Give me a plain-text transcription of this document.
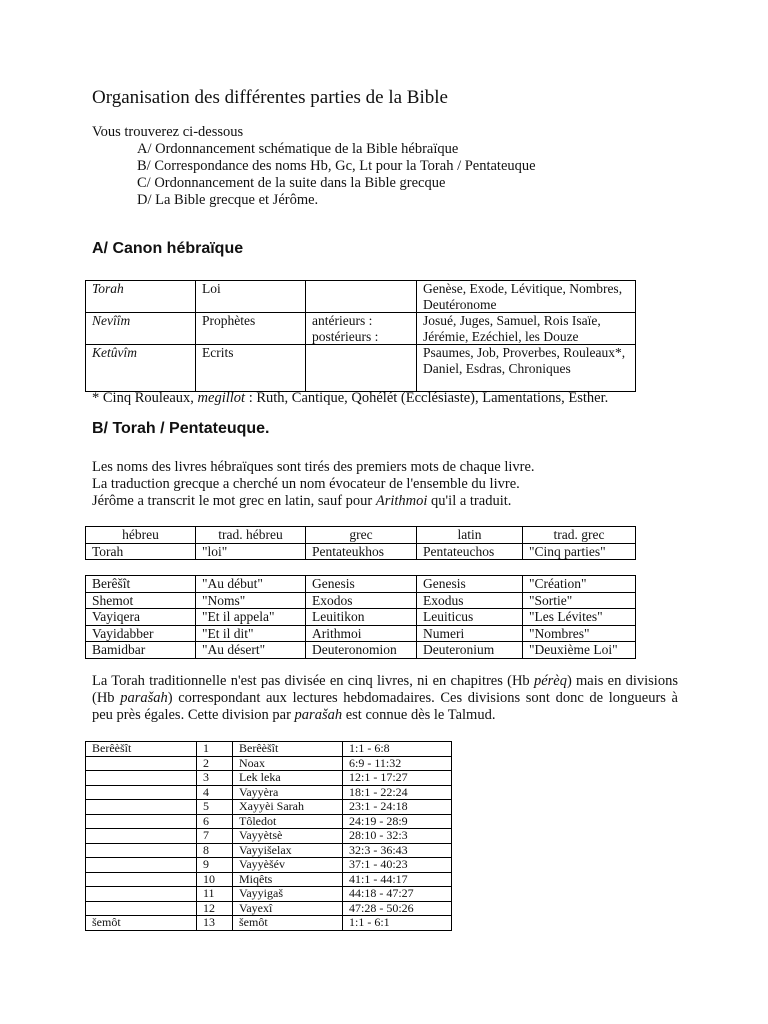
Organisation des différentes parties de la Bible
Vous trouverez ci-dessous
A/ Ordonnancement schématique de la Bible hébraïque
B/ Correspondance des noms Hb, Gc, Lt pour la Torah / Pentateuque
C/ Ordonnancement de la suite dans la Bible grecque
D/ La Bible grecque et Jérôme.
A/ Canon hébraïque
Torah	Loi		Genèse, Exode, Lévitique, Nombres, Deutéronome
Nevîîm	Prophètes	antérieurs : postérieurs :	Josué, Juges, Samuel, Rois Isaïe, Jérémie, Ezéchiel, les Douze
Ketûvîm	Ecrits		Psaumes, Job, Proverbes, Rouleaux*, Daniel, Esdras, Chroniques
* Cinq Rouleaux, megillot : Ruth, Cantique, Qohélét (Ecclésiaste), Lamentations, Esther.
B/ Torah / Pentateuque.
Les noms des livres hébraïques sont tirés des premiers mots de chaque livre.
La traduction grecque a cherché un nom évocateur de l'ensemble du livre.
Jérôme a transcrit le mot grec en latin, sauf pour Arithmoi qu'il a traduit.
hébreu	trad. hébreu	grec	latin	trad. grec
Torah	"loi"	Pentateukhos	Pentateuchos	"Cinq parties"
Berêšît	"Au début"	Genesis	Genesis	"Création"
Shemot	"Noms"	Exodos	Exodus	"Sortie"
Vayiqera	"Et il appela"	Leuitikon	Leuiticus	"Les Lévites"
Vayidabber	"Et il dit"	Arithmoi	Numeri	"Nombres"
Bamidbar	"Au désert"	Deuteronomion	Deuteronium	"Deuxième Loi"
La Torah traditionnelle n'est pas divisée en cinq livres, ni en chapitres (Hb pérèq) mais en divisions (Hb parašah) correspondant aux lectures hebdomadaires. Ces divisions sont donc de longueurs à peu près égales. Cette division par parašah est connue dès le Talmud.
Berêèšît	1	Berêèšît	1:1 - 6:8
	2	Noax	6:9 - 11:32
	3	Lek leka	12:1 - 17:27
	4	Vayyèra	18:1 - 22:24
	5	Xayyèi Sarah	23:1 - 24:18
	6	Tôledot	24:19 - 28:9
	7	Vayyètsè	28:10 - 32:3
	8	Vayyišelax	32:3 - 36:43
	9	Vayyèšév	37:1 - 40:23
	10	Miqêts	41:1 - 44:17
	11	Vayyigaš	44:18 - 47:27
	12	Vayexî	47:28 - 50:26
šemôt	13	šemôt	1:1 - 6:1
